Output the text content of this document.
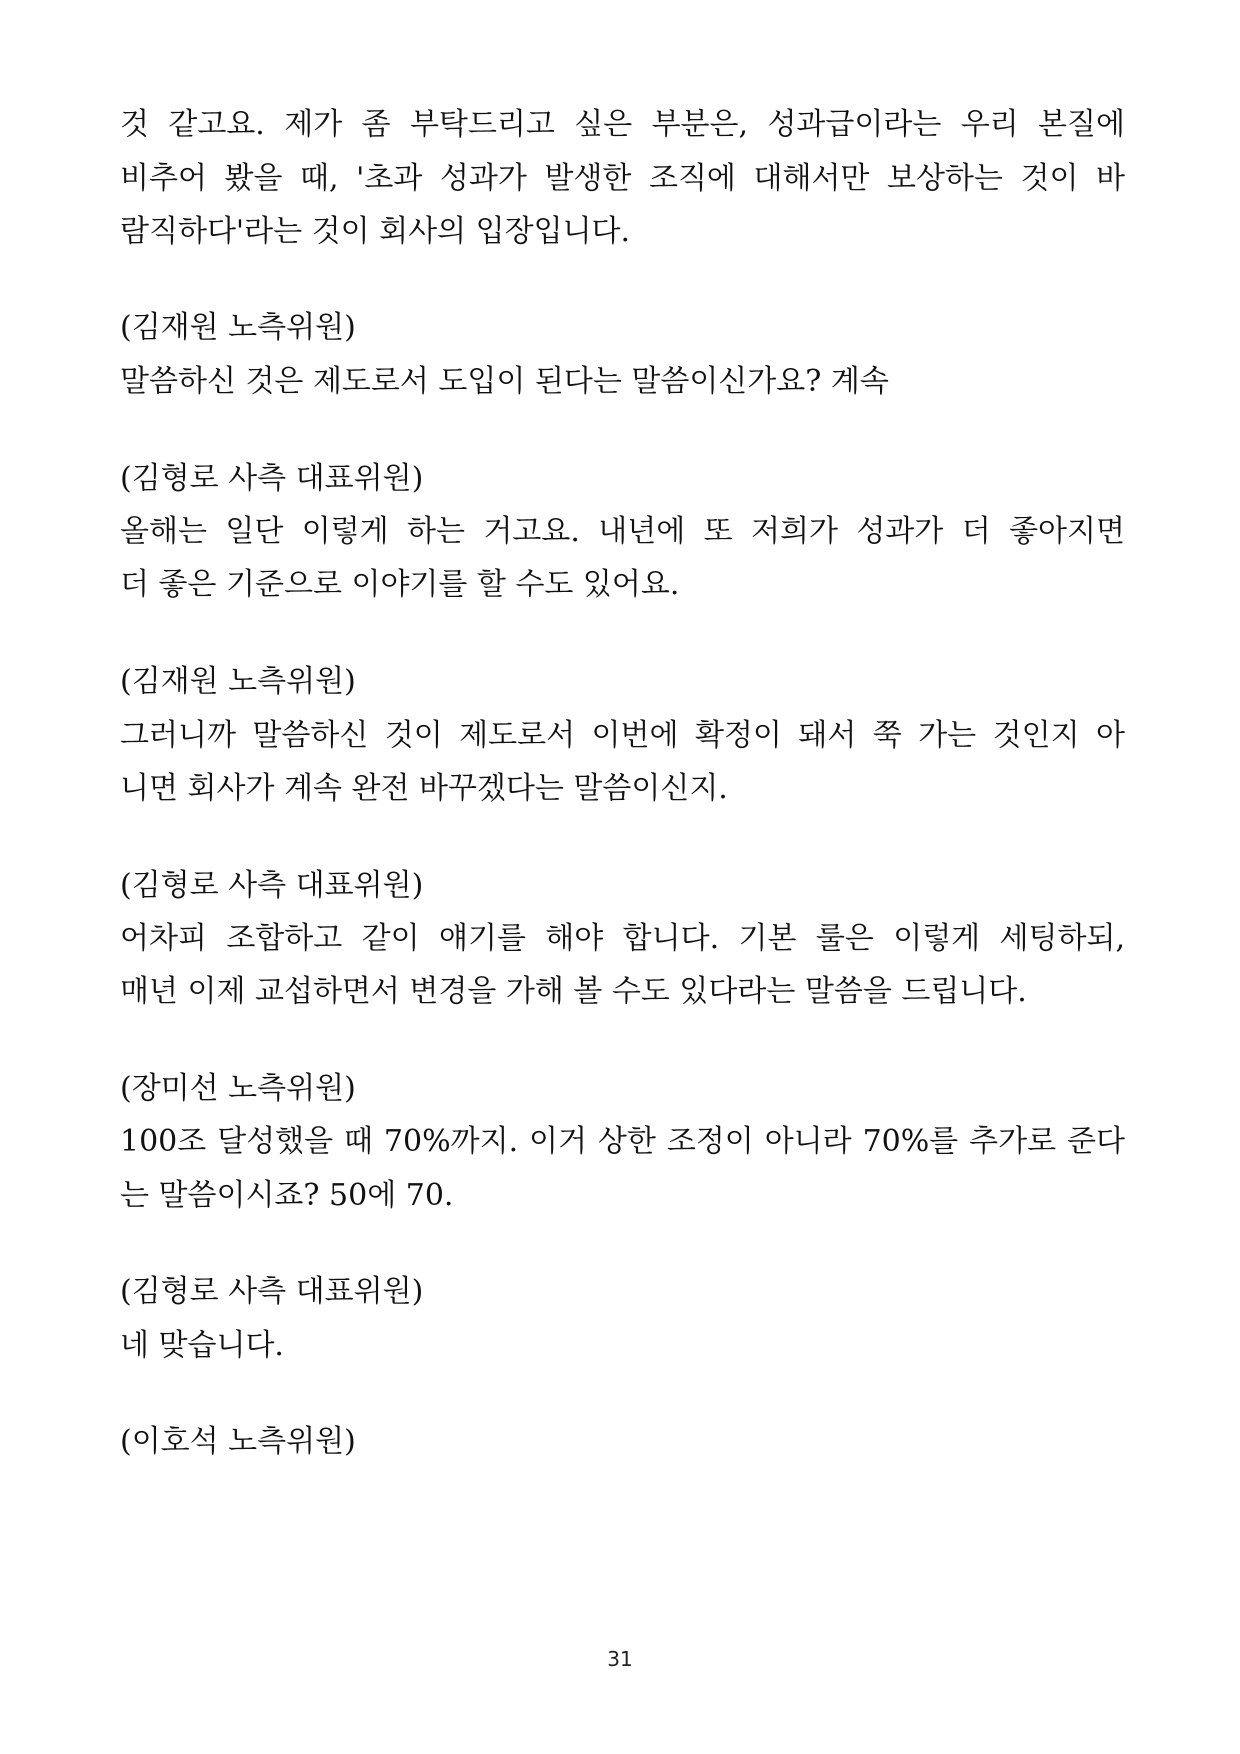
것 같고요. 제가 좀 부탁드리고 싶은 부분은, 성과급이라는 우리 본질에
비추어 봤을 때, '초과 성과가 발생한 조직에 대해서만 보상하는 것이 바
람직하다'라는 것이 회사의 입장입니다.
(김재원 노측위원)
말씀하신 것은 제도로서 도입이 된다는 말씀이신가요? 계속
(김형로 사측 대표위원)
올해는 일단 이렇게 하는 거고요. 내년에 또 저희가 성과가 더 좋아지면
더 좋은 기준으로 이야기를 할 수도 있어요.
(김재원 노측위원)
그러니까 말씀하신 것이 제도로서 이번에 확정이 돼서 쭉 가는 것인지 아
니면 회사가 계속 완전 바꾸겠다는 말씀이신지.
(김형로 사측 대표위원)
어차피 조합하고 같이 얘기를 해야 합니다. 기본 룰은 이렇게 세팅하되,
매년 이제 교섭하면서 변경을 가해 볼 수도 있다라는 말씀을 드립니다.
(장미선 노측위원)
100조 달성했을 때 70%까지. 이거 상한 조정이 아니라 70%를 추가로 준다
는 말씀이시죠? 50에 70.
(김형로 사측 대표위원)
네 맞습니다.
(이호석 노측위원)
31
